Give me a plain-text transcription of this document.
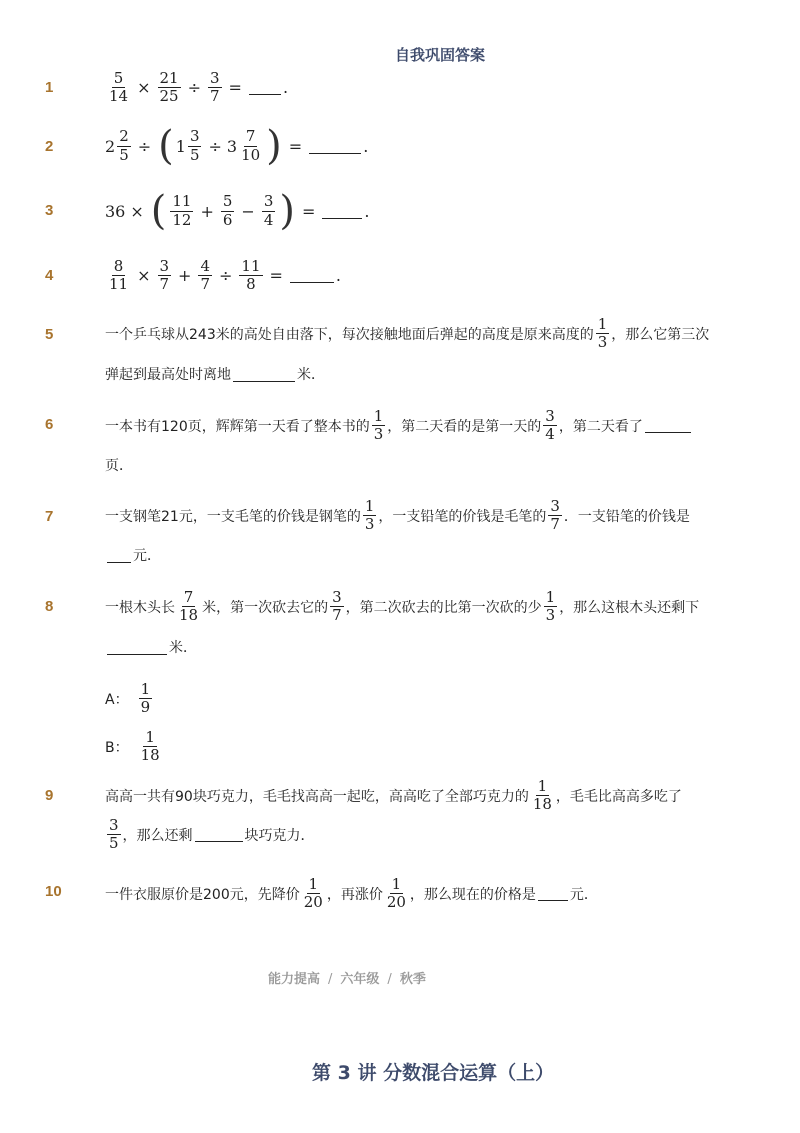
自我巩固答案
1	$\frac{5}{14} \times \frac{21}{25} \div \frac{3}{7}$ =	.
2	$2 \frac{2}{5}$ ÷ ( $1 \frac{3}{5} \div 3 \frac{7}{10}$ ) =	.
3	36 × ( $\frac{11}{12} + \frac{5}{6} - \frac{3}{4}$ ) =	.
4	$\frac{8}{11} \times \frac{3}{7} + \frac{4}{7} \div \frac{11}{8}$ =	.
5	一个乒乓球从243米的高处自由落下，每次接触地面后弹起的高度是原来高度的 $\frac{1}{3}$ ，那么它第三次
弹起到最高处时离地	米．
6	一本书有120页，辉辉第一天看了整本书的 $\frac{1}{3}$ ，第二天看的是第一天的 $\frac{3}{4}$ ，第二天看了
页．
7	一支钢笔21元，一支毛笔的价钱是钢笔的 $\frac{1}{3}$ ，一支铅笔的价钱是毛笔的 $\frac{3}{7}$ ．一支铅笔的价钱是
元．
8	一根木头长 $\frac{7}{18}$ 米，第一次砍去它的 $\frac{3}{7}$ ，第二次砍去的比第一次砍的少 $\frac{1}{3}$ ，那么这根木头还剩下
米．
A： $\frac{1}{9}$
B： $\frac{1}{18}$
9	高高一共有90块巧克力，毛毛找高高一起吃，高高吃了全部巧克力的 $\frac{1}{18}$ ，毛毛比高高多吃了
$\frac{3}{5}$ ，那么还剩	块巧克力．
10	一件衣服原价是200元，先降价 $\frac{1}{20}$ ，再涨价 $\frac{1}{20}$ ，那么现在的价格是 元．
能力提高 / 六年级 / 秋季
第 3 讲 分数混合运算（上）
